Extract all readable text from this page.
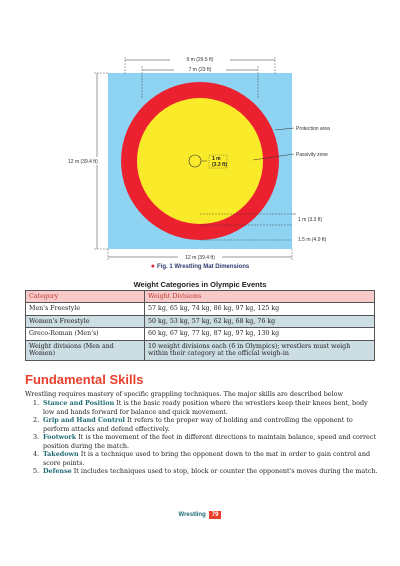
1 m
(3.3 ft)
9 m (29.5 ft)
7 m (23 ft)
12 m (39.4 ft)
12 m (39.4 ft)
Protection area
Passivity zone
1 m (3.3 ft)
1.5 m (4.9 ft)
● Fig. 1 Wrestling Mat Dimensions
Weight Categories in Olympic Events
Category	Weight Divisions
Men's Freestyle	57 kg, 65 kg, 74 kg, 86 kg, 97 kg, 125 kg
Women's Freestyle	50 kg, 53 kg, 57 kg, 62 kg, 68 kg, 76 kg
Greco-Roman (Men's)	60 kg, 67 kg, 77 kg, 87 kg, 97 kg, 130 kg
Weight divisions (Men and Women)	10 weight divisions each (6 in Olympics); wrestlers must weigh within their category at the official weigh-in
Fundamental Skills
Wrestling requires mastery of specific grappling techniques. The major skills are described below
1. Stance and Position It is the basic ready position where the wrestlers keep their knees bent, body low and hands forward for balance and quick movement.
2. Grip and Hand Control It refers to the proper way of holding and controlling the opponent to perform attacks and defend effectively.
3. Footwork It is the movement of the feet in different directions to maintain balance, speed and correct position during the match.
4. Takedown It is a technique used to bring the opponent down to the mat in order to gain control and score points.
5. Defense It includes techniques used to stop, block or counter the opponent's moves during the match.
Wrestling 79
